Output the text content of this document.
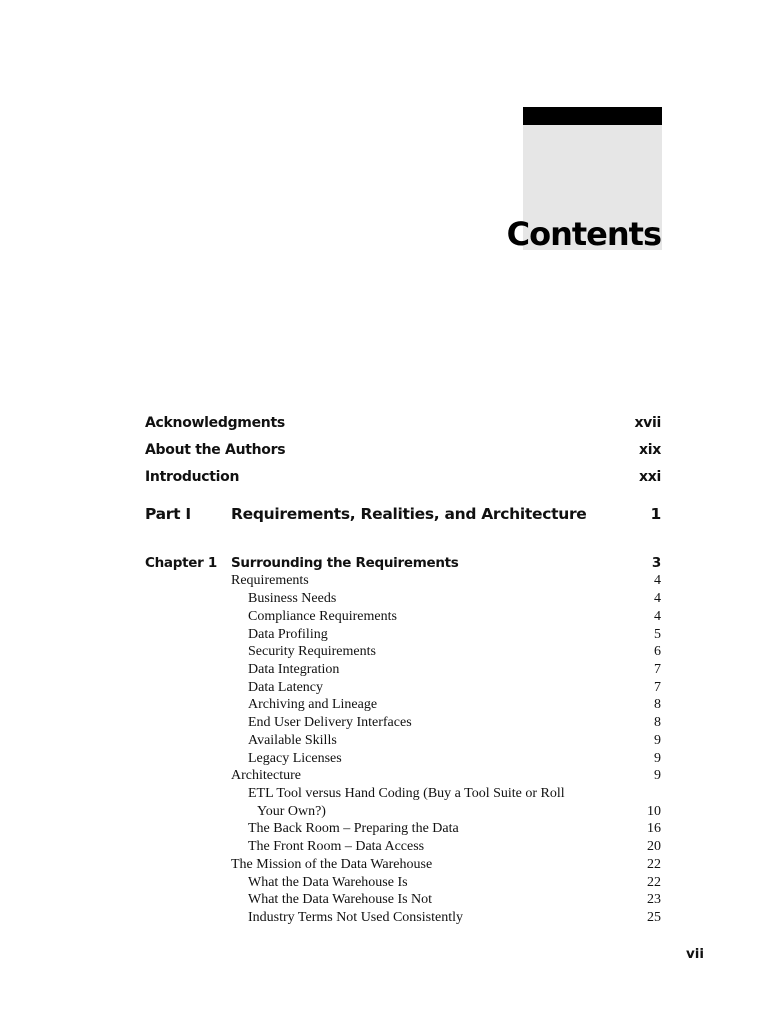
Contents
Acknowledgments	xvii
About the Authors	xix
Introduction	xxi
Part I	Requirements, Realities, and Architecture	1
Chapter 1 Surrounding the Requirements	3
Requirements	4
Business Needs	4
Compliance Requirements	4
Data Profiling	5
Security Requirements	6
Data Integration	7
Data Latency	7
Archiving and Lineage	8
End User Delivery Interfaces	8
Available Skills	9
Legacy Licenses	9
Architecture	9
ETL Tool versus Hand Coding (Buy a Tool Suite or Roll
Your Own?)	10
The Back Room – Preparing the Data	16
The Front Room – Data Access	20
The Mission of the Data Warehouse	22
What the Data Warehouse Is	22
What the Data Warehouse Is Not	23
Industry Terms Not Used Consistently	25
vii
